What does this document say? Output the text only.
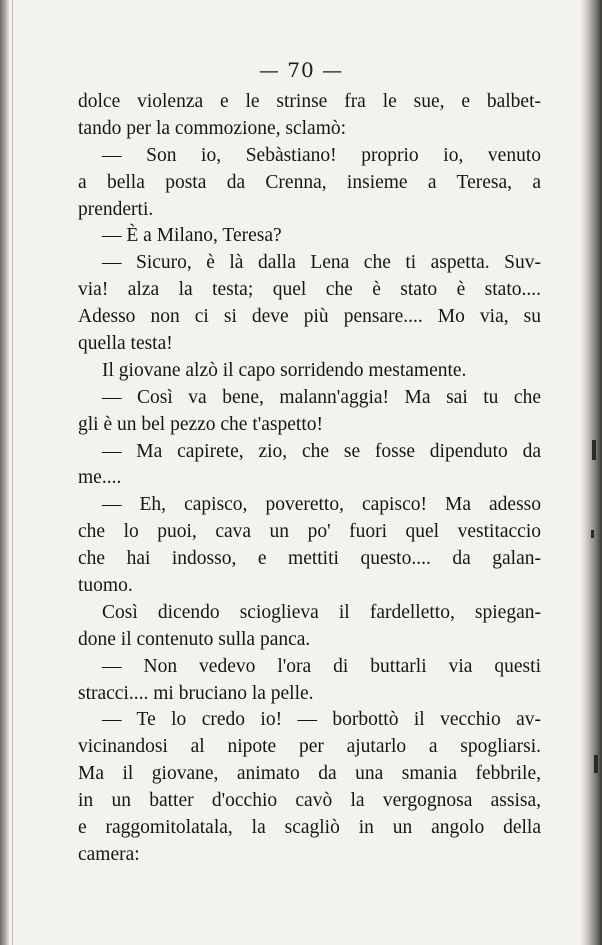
— 70 —
dolce violenza e le strinse fra le sue, e balbet-
tando per la commozione, sclamò:
— Son io, Sebàstiano! proprio io, venuto
a bella posta da Crenna, insieme a Teresa, a
prenderti.
— È a Milano, Teresa?
— Sicuro, è là dalla Lena che ti aspetta. Suv-
via! alza la testa; quel che è stato è stato....
Adesso non ci si deve più pensare.... Mo via, su
quella testa!
Il giovane alzò il capo sorridendo mestamente.
— Così va bene, malann'aggia! Ma sai tu che
gli è un bel pezzo che t'aspetto!
— Ma capirete, zio, che se fosse dipenduto da
me....
— Eh, capisco, poveretto, capisco! Ma adesso
che lo puoi, cava un po' fuori quel vestitaccio
che hai indosso, e mettiti questo.... da galan-
tuomo.
Così dicendo scioglieva il fardelletto, spiegan-
done il contenuto sulla panca.
— Non vedevo l'ora di buttarli via questi
stracci.... mi bruciano la pelle.
— Te lo credo io! — borbottò il vecchio av-
vicinandosi al nipote per ajutarlo a spogliarsi.
Ma il giovane, animato da una smania febbrile,
in un batter d'occhio cavò la vergognosa assisa,
e raggomitolatala, la scagliò in un angolo della
camera:
